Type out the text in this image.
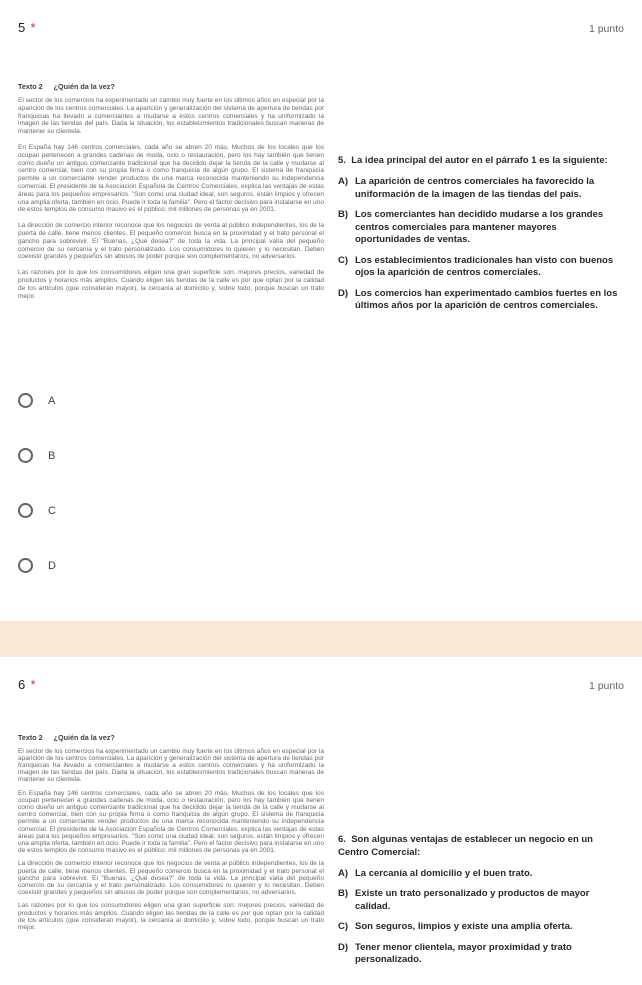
5 *	1 punto

Texto 2 ¿Quién da la vez?

El sector de los comercios ha experimentado un cambio muy fuerte en los últimos años en especial por la aparición de los centros comerciales. La aparición y generalización del sistema de apertura de tiendas por franquicias ha llevado a comerciantes a mudarse a estos centros comerciales y ha uniformizado la imagen de las tiendas del país. Dada la situación, los establecimientos tradicionales buscan maneras de mantener su clientela.

En España hay 146 centros comerciales, cada año se abren 20 más. Muchos de los locales que los ocupan pertenecen a grandes cadenas de moda, ocio o restauración, pero los hay también que tienen como dueño un antiguo comerciante tradicional que ha decidido dejar la tienda de la calle y mudarse al centro comercial, bien con su propia firma o como franquicia de algún grupo. El sistema de franquicia permite a un comerciante vender productos de una marca reconocida manteniendo su independencia comercial. El presidente de la Asociación Española de Centros Comerciales, explica las ventajas de estas áreas para los pequeños empresarios. "Son como una ciudad ideal, son seguros, están limpios y ofrecen una amplia oferta, también en ocio. Puede ir toda la familia". Pero el factor decisivo para instalarse en uno de estos templos de consumo masivo es el público: mil millones de personas ya en 2001.

La dirección de comercio interior reconoce que los negocios de venta al público independientes, los de la puerta de calle, tiene menos clientes. El pequeño comercio busca en la proximidad y el trato personal el gancho para sobrevivir. El "Buenas, ¿Qué desea?" de toda la vida. La principal valía del pequeño comercio de su cercanía y el trato personalizado. Los consumidores lo quieren y lo necesitan. Deben coexistir grandes y pequeños sin abusos de poder porque son complementarios, no adversarios.

Las razones por lo que los consumidores eligen una gran superficie son: mejores precios, variedad de productos y horarios más amplios. Cuando eligen las tiendas de la calle es por que optan por la calidad de los artículos (que consideran mayor), la cercanía al domicilio y, sobre todo, porque buscan un trato mejor.

5.  La idea principal del autor en el párrafo 1 es la siguiente:

A) La aparición de centros comerciales ha favorecido la uniformación de la imagen de las tiendas del país.
B) Los comerciantes han decidido mudarse a los grandes centros comerciales para mantener mayores oportunidades de ventas.
C) Los establecimientos tradicionales han visto con buenos ojos la aparición de centros comerciales.
D) Los comercios han experimentado cambios fuertes en los últimos años por la aparición de centros comerciales.
A
B
C
D
6 *	1 punto

Texto 2 ¿Quién da la vez?

El sector de los comercios ha experimentado un cambio muy fuerte en los últimos años en especial por la aparición de los centros comerciales. La aparición y generalización del sistema de apertura de tiendas por franquicias ha llevado a comerciantes a mudarse a estos centros comerciales y ha uniformizado la imagen de las tiendas del país. Dada la situación, los establecimientos tradicionales buscan maneras de mantener su clientela.

En España hay 146 centros comerciales, cada año se abren 20 más. Muchos de los locales que los ocupan pertenecen a grandes cadenas de moda, ocio o restauración, pero los hay también que tienen como dueño un antiguo comerciante tradicional que ha decidido dejar la tienda de la calle y mudarse al centro comercial, bien con su propia firma o como franquicia de algún grupo. El sistema de franquicia permite a un comerciante vender productos de una marca reconocida manteniendo su independencia comercial. El presidente de la Asociación Española de Centros Comerciales, explica las ventajas de estas áreas para los pequeños empresarios. "Son como una ciudad ideal, son seguros, están limpios y ofrecen una amplia oferta, también en ocio. Puede ir toda la familia". Pero el factor decisivo para instalarse en uno de estos templos de consumo masivo es el público: mil millones de personas ya en 2001.

La dirección de comercio interior reconoce que los negocios de venta al público independientes, los de la puerta de calle, tiene menos clientes. El pequeño comercio busca en la proximidad y el trato personal el gancho para sobrevivir. El "Buenas, ¿Qué desea?" de toda la vida. La principal valía del pequeño comercio de su cercanía y el trato personalizado. Los consumidores lo quieren y lo necesitan. Deben coexistir grandes y pequeños sin abusos de poder porque son complementarios, no adversarios.

Las razones por lo que los consumidores eligen una gran superficie son: mejores precios, variedad de productos y horarios más amplios. Cuando eligen las tiendas de la calle es por que optan por la calidad de los artículos (que consideran mayor), la cercanía al domicilio y, sobre todo, porque buscan un trato mejor.

6.  Son algunas ventajas de establecer un negocio en un Centro Comercial:

A) La cercanía al domicilio y el buen trato.
B) Existe un trato personalizado y productos de mayor calidad.
C) Son seguros, limpios y existe una amplia oferta.
D) Tener menor clientela, mayor proximidad y trato personalizado.
